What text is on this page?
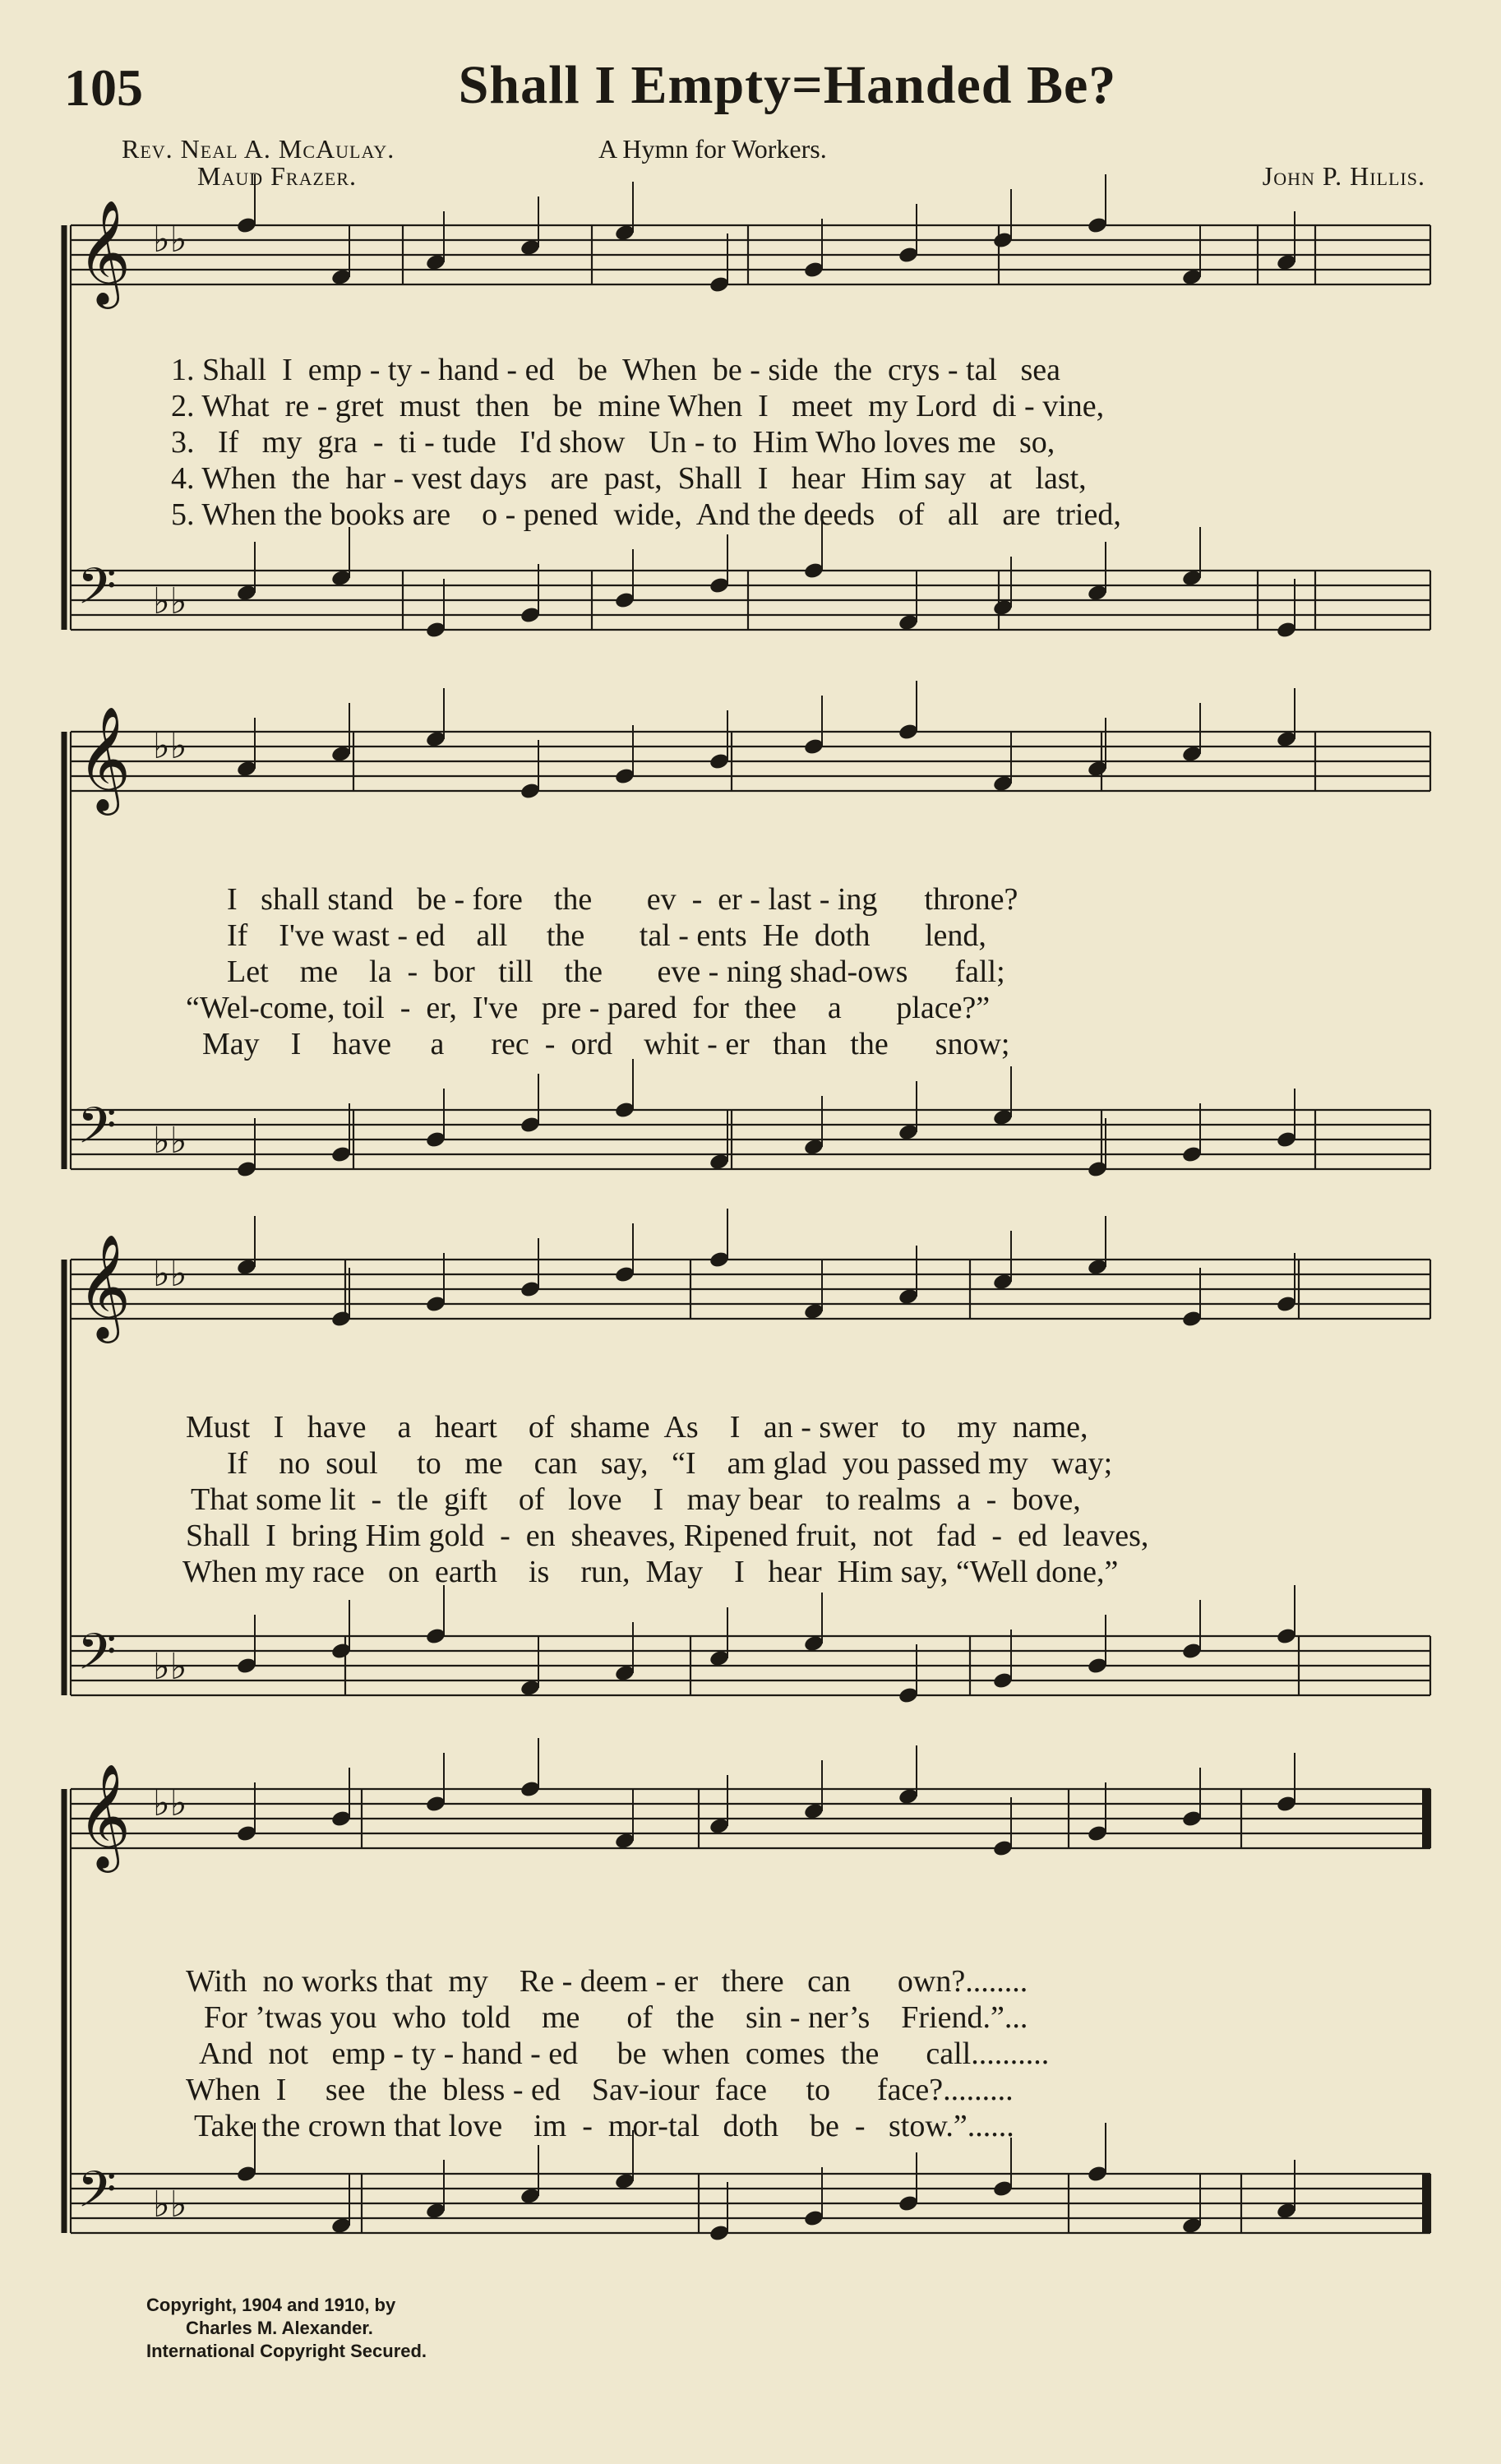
105	Shall I Empty=Handed Be?
Rev. Neal A. McAulay.
Maud Frazer.
A Hymn for Workers.
John P. Hillis.
𝄞 ♭♭
𝄢 ♭♭
1. Shall  I  emp - ty - hand - ed   be  When  be - side  the  crys - tal   sea
2. What  re - gret  must  then   be  mine When  I   meet  my Lord  di - vine,
3.   If   my  gra  -  ti - tude   I'd show   Un - to  Him Who loves me   so,
4. When  the  har - vest days   are  past,  Shall  I   hear  Him say   at   last,
5. When the books are    o - pened  wide,  And the deeds   of   all   are  tried,
𝄞 ♭♭
𝄢 ♭♭
I   shall stand   be - fore    the       ev  -  er - last - ing      throne?
If    I've wast - ed    all     the       tal - ents  He  doth       lend,
Let    me    la  -  bor   till    the       eve - ning shad-ows      fall;
“Wel-come, toil  -  er,  I've   pre - pared  for  thee    a       place?”
May    I    have     a      rec  -  ord    whit - er   than   the      snow;
𝄞 ♭♭
𝄢 ♭♭
Must   I   have    a   heart    of  shame  As    I   an - swer   to    my  name,
If    no  soul     to   me    can   say,   “I    am glad  you passed my   way;
That some lit  -  tle  gift    of   love    I   may bear   to realms  a  -  bove,
Shall  I  bring Him gold  -  en  sheaves, Ripened fruit,  not   fad  -  ed  leaves,
When my race   on  earth    is    run,  May    I   hear  Him say, “Well done,”
𝄞 ♭♭
𝄢 ♭♭
With  no works that  my    Re - deem - er   there   can      own?........
For ’twas you  who  told    me      of   the    sin - ner’s    Friend.”...
And  not   emp - ty - hand - ed     be  when  comes  the      call..........
When  I     see   the  bless - ed    Sav-iour  face     to      face?.........
Take the crown that love    im  -  mor-tal   doth    be  -   stow.”......
Copyright, 1904 and 1910, by
Charles M. Alexander.
International Copyright Secured.
